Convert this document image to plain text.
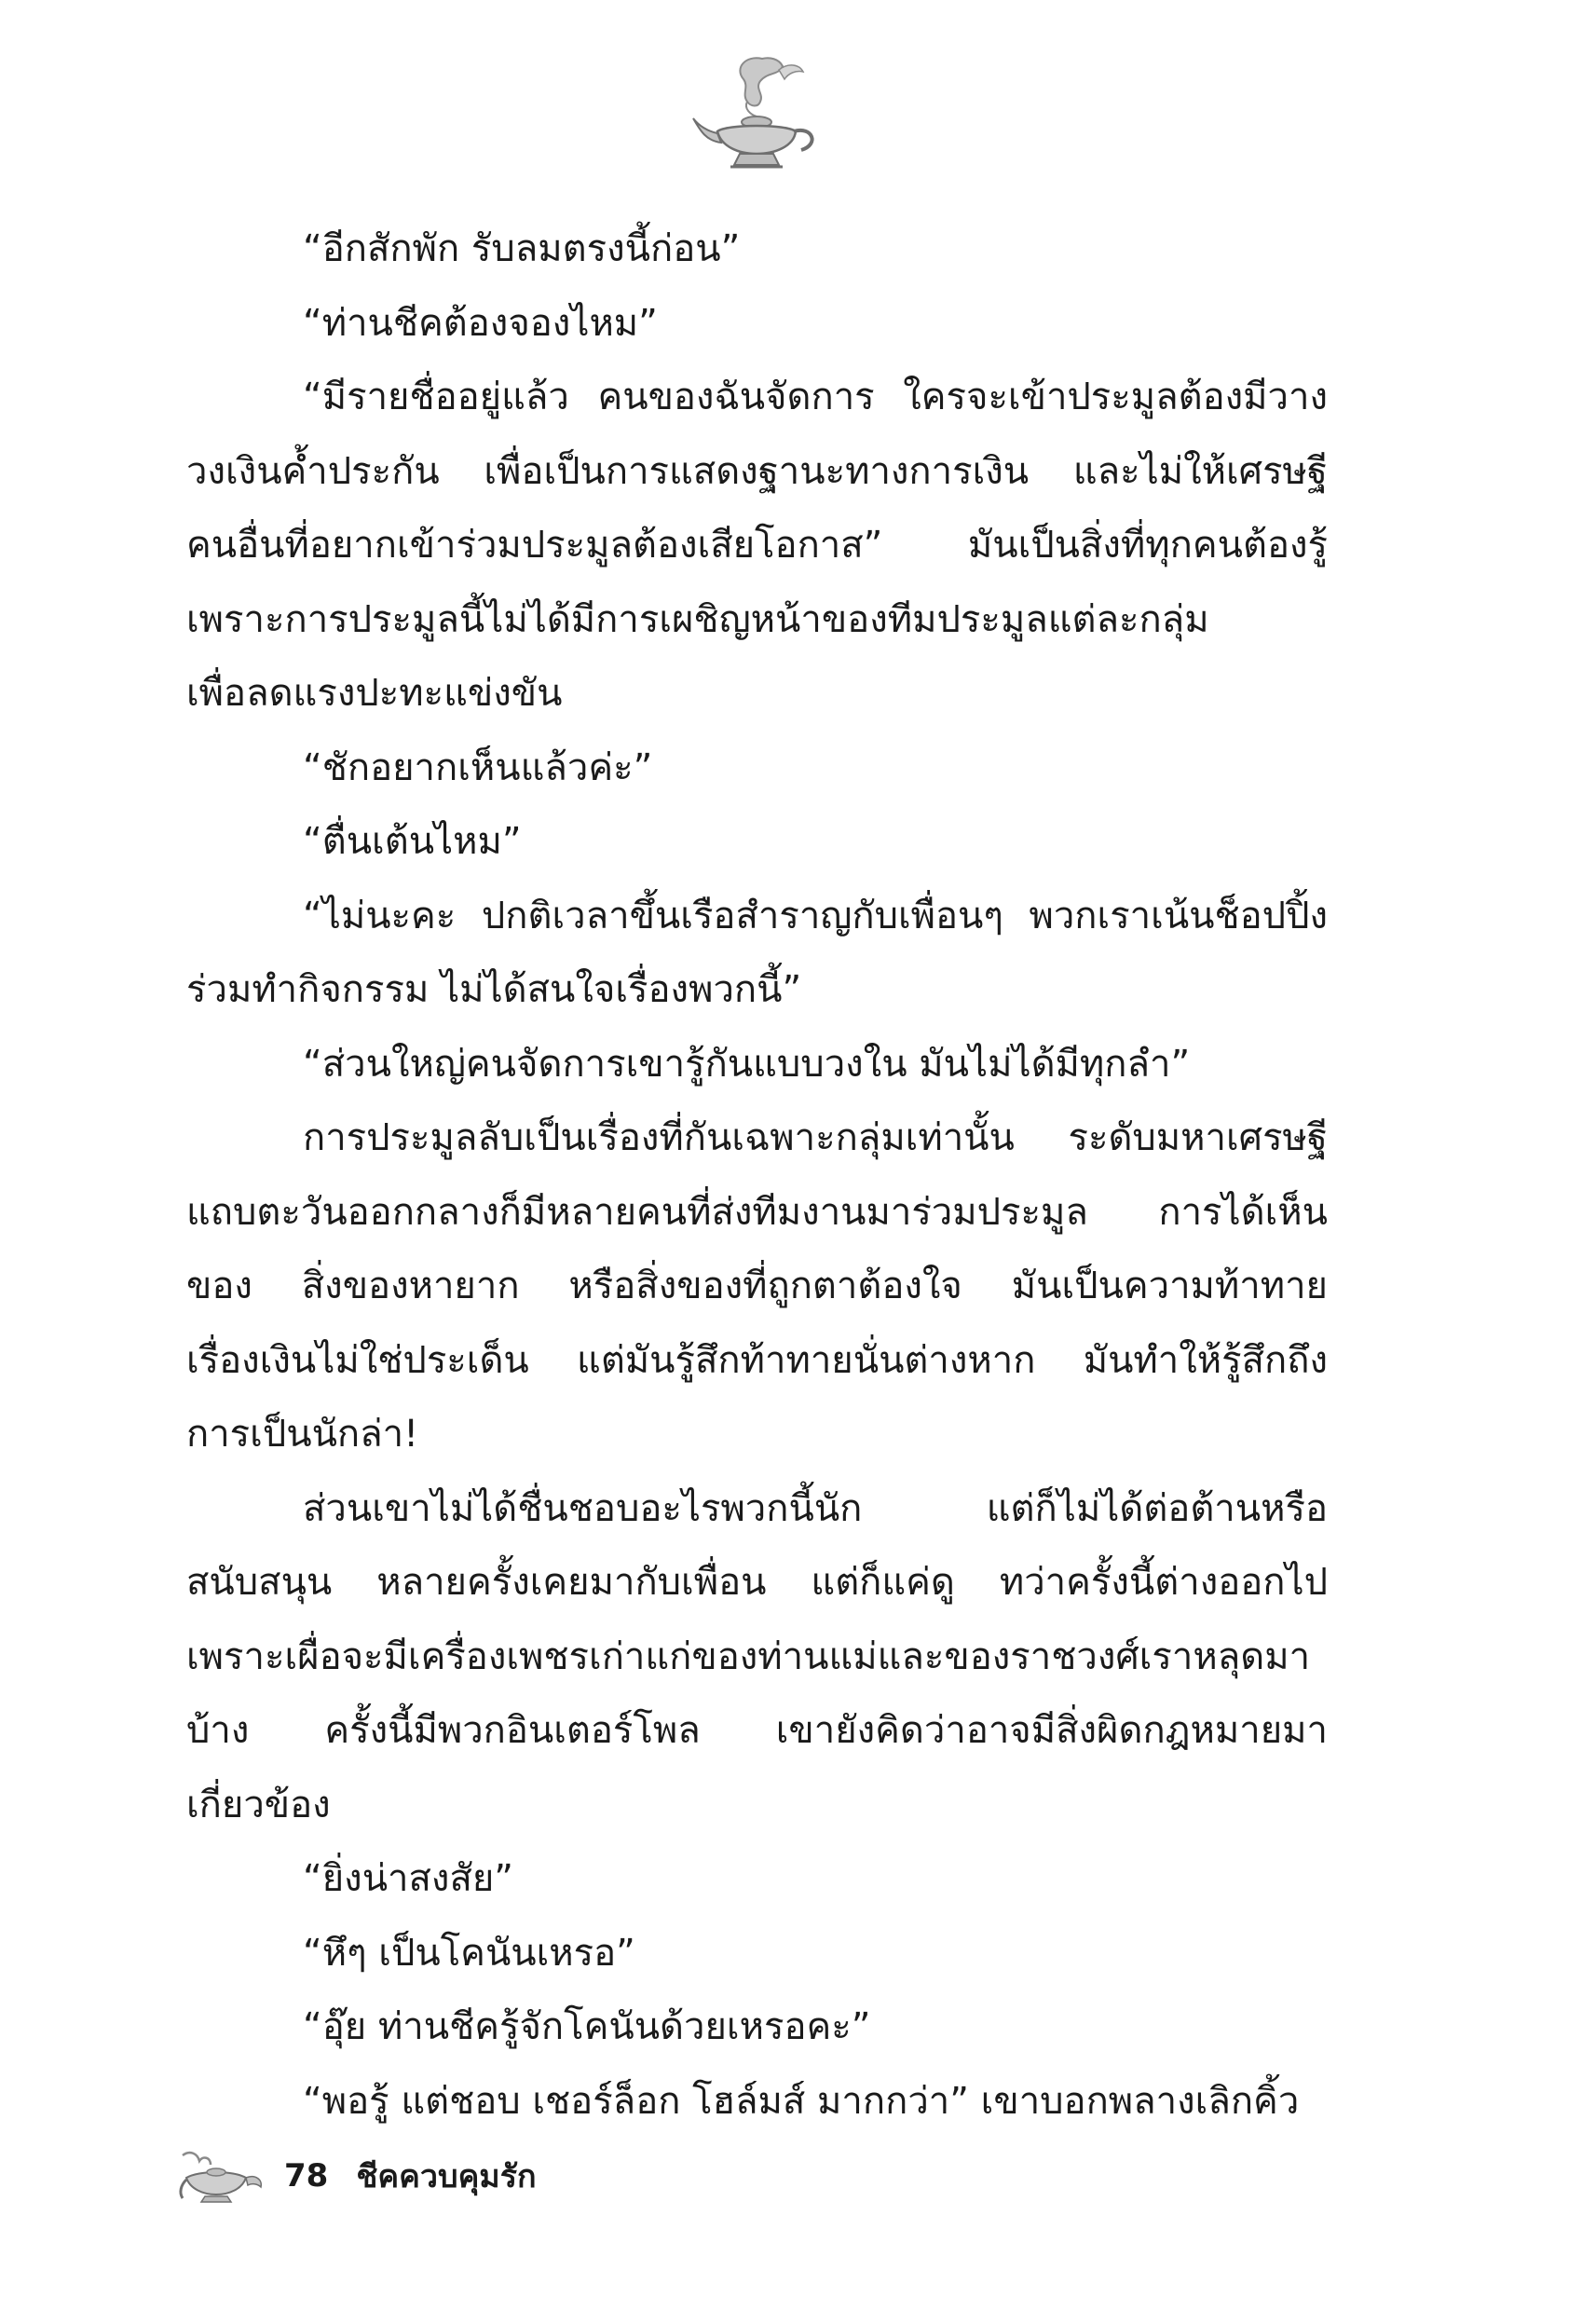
“อีกสักพัก รับลมตรงนี้ก่อน”

“ท่านชีคต้องจองไหม”

“มีรายชื่ออยู่แล้ว คนของฉันจัดการ ใครจะเข้าประมูลต้องมีวาง
วงเงินค้ำประกัน เพื่อเป็นการแสดงฐานะทางการเงิน และไม่ให้เศรษฐี
คนอื่นที่อยากเข้าร่วมประมูลต้องเสียโอกาส” มันเป็นสิ่งที่ทุกคนต้องรู้
เพราะการประมูลนี้ไม่ได้มีการเผชิญหน้าของทีมประมูลแต่ละกลุ่ม
เพื่อลดแรงปะทะแข่งขัน

“ชักอยากเห็นแล้วค่ะ”

“ตื่นเต้นไหม”

“ไม่นะคะ ปกติเวลาขึ้นเรือสำราญกับเพื่อนๆ พวกเราเน้นช็อปปิ้ง
ร่วมทำกิจกรรม ไม่ได้สนใจเรื่องพวกนี้”

“ส่วนใหญ่คนจัดการเขารู้กันแบบวงใน มันไม่ได้มีทุกลำ”

การประมูลลับเป็นเรื่องที่กันเฉพาะกลุ่มเท่านั้น ระดับมหาเศรษฐี
แถบตะวันออกกลางก็มีหลายคนที่ส่งทีมงานมาร่วมประมูล การได้เห็น
ของ สิ่งของหายาก หรือสิ่งของที่ถูกตาต้องใจ มันเป็นความท้าทาย
เรื่องเงินไม่ใช่ประเด็น แต่มันรู้สึกท้าทายนั่นต่างหาก มันทำให้รู้สึกถึง
การเป็นนักล่า!
ส่วนเขาไม่ได้ชื่นชอบอะไรพวกนี้นัก แต่ก็ไม่ได้ต่อต้านหรือ
สนับสนุน หลายครั้งเคยมากับเพื่อน แต่ก็แค่ดู ทว่าครั้งนี้ต่างออกไป
เพราะเผื่อจะมีเครื่องเพชรเก่าแก่ของท่านแม่และของราชวงศ์เราหลุดมา
บ้าง ครั้งนี้มีพวกอินเตอร์โพล เขายังคิดว่าอาจมีสิ่งผิดกฎหมายมา
เกี่ยวข้อง

“ยิ่งน่าสงสัย”

“หึๆ เป็นโคนันเหรอ”

“อุ๊ย ท่านชีครู้จักโคนันด้วยเหรอคะ”

“พอรู้ แต่ชอบ เชอร์ล็อก โฮล์มส์ มากกว่า” เขาบอกพลางเลิกคิ้ว

78 ชีคควบคุมรัก
